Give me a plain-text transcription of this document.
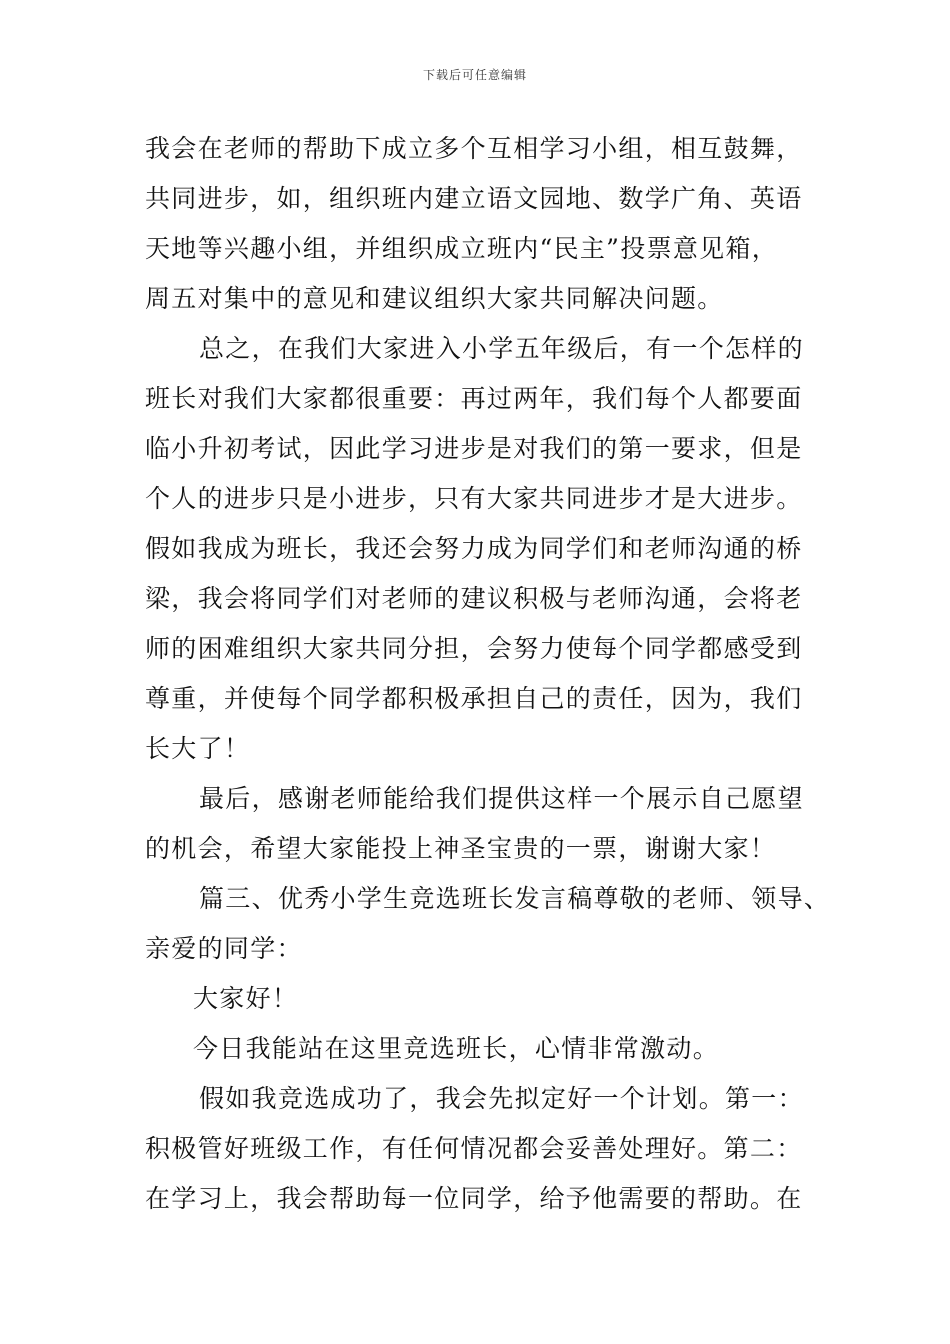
下载后可任意编辑
我会在老师的帮助下成立多个互相学习小组，相互鼓舞，
共同进步，如，组织班内建立语文园地、数学广角、英语
天地等兴趣小组，并组织成立班内“民主”投票意见箱，
周五对集中的意见和建议组织大家共同解决问题。
总之，在我们大家进入小学五年级后，有一个怎样的
班长对我们大家都很重要：再过两年，我们每个人都要面
临小升初考试，因此学习进步是对我们的第一要求，但是
个人的进步只是小进步，只有大家共同进步才是大进步。
假如我成为班长，我还会努力成为同学们和老师沟通的桥
梁，我会将同学们对老师的建议积极与老师沟通，会将老
师的困难组织大家共同分担，会努力使每个同学都感受到
尊重，并使每个同学都积极承担自己的责任，因为，我们
长大了！
最后，感谢老师能给我们提供这样一个展示自己愿望
的机会，希望大家能投上神圣宝贵的一票，谢谢大家！
篇三、优秀小学生竞选班长发言稿尊敬的老师、领导、
亲爱的同学：
大家好！
今日我能站在这里竞选班长，心情非常激动。
假如我竞选成功了，我会先拟定好一个计划。第一：
积极管好班级工作，有任何情况都会妥善处理好。第二：
在学习上，我会帮助每一位同学，给予他需要的帮助。在
